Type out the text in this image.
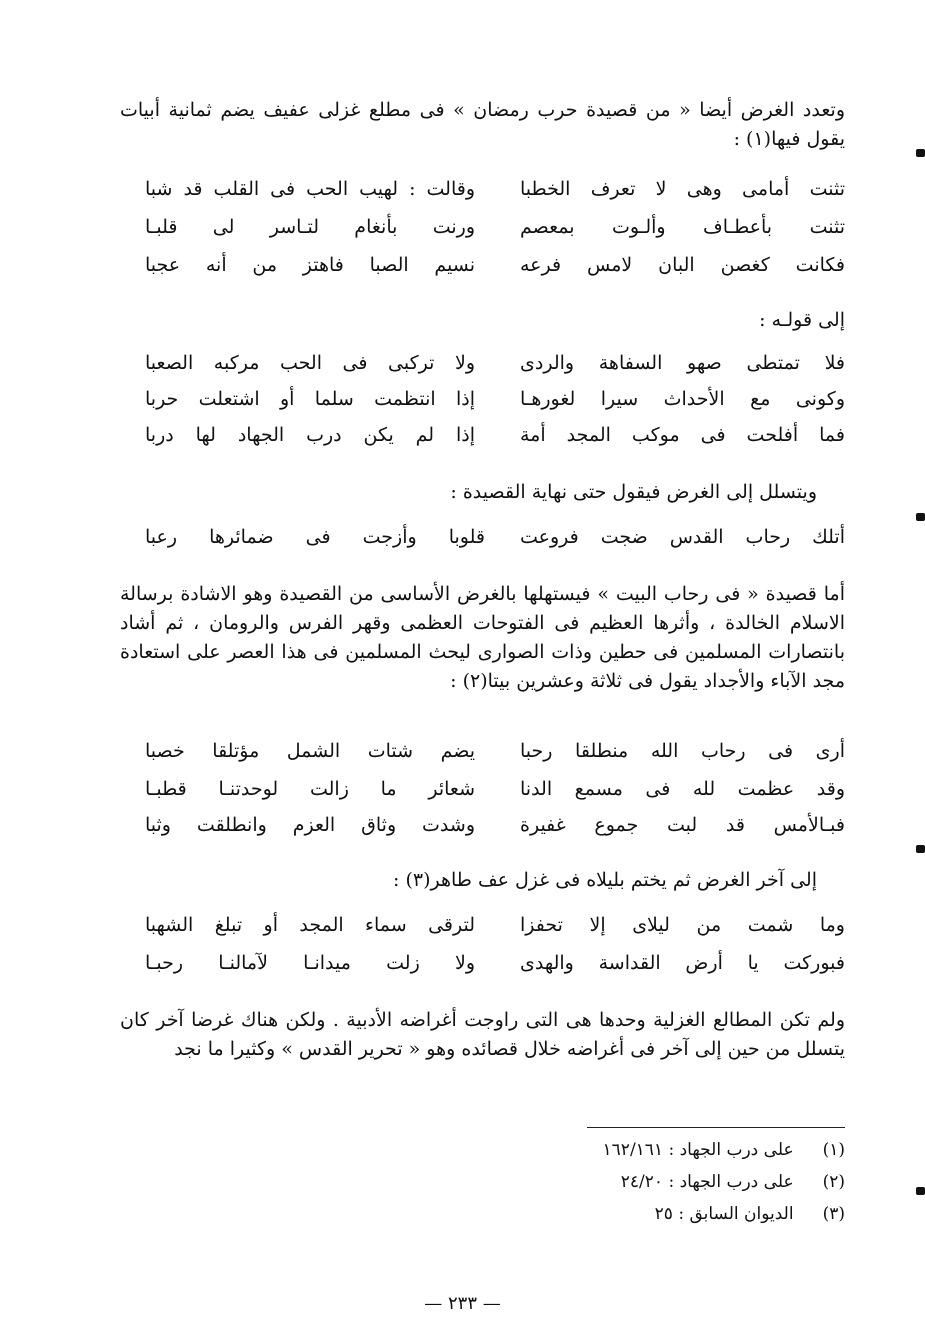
وتعدد الغرض أيضا « من قصيدة حرب رمضان » فى مطلع غزلى عفيف يضم ثمانية أبيات يقول فيها(١) :

تثنت أمامى وهى لا تعرف الخطبا
وقالت : لهيب الحب فى القلب قد شبا
تثنت بأعطـاف وألـوت بمعصم
ورنت بأنغام لتـاسر لى قلبـا
فكانت كغصن البان لامس فرعه
نسيم الصبا فاهتز من أنه عجبا
إلى قولـه :
فلا تمتطى صهو السفاهة والردى
ولا تركبى فى الحب مركبه الصعبا
وكونى مع الأحداث سيرا لغورهـا
إذا انتظمت سلما أو اشتعلت حربا
فما أفلحت فى موكب المجد أمة
إذا لم يكن درب الجهاد لها دربا
ويتسلل إلى الغرض فيقول حتى نهاية القصيدة :
أتلك رحاب القدس ضجت فروعت
قلوبا وأزجت فى ضمائرها رعبا

أما قصيدة « فى رحاب البيت » فيستهلها بالغرض الأساسى من القصيدة وهو الاشادة برسالة الاسلام الخالدة ، وأثرها العظيم فى الفتوحات العظمى وقهر الفرس والرومان ، ثم أشاد بانتصارات المسلمين فى حطين وذات الصوارى ليحث المسلمين فى هذا العصر على استعادة مجد الآباء والأجداد يقول فى ثلاثة وعشرين بيتا(٢) :

أرى فى رحاب الله منطلقا رحبا
يضم شتات الشمل مؤتلقا خصبا
وقد عظمت لله فى مسمع الدنا
شعائر ما زالت لوحدتنـا قطبـا
فبـالأمس قد لبت جموع غفيرة
وشدت وثاق العزم وانطلقت وثبا
إلى آخر الغرض ثم يختم بليلاه فى غزل عف طاهر(٣) :
وما شمت من ليلاى إلا تحفزا
لترقى سماء المجد أو تبلغ الشهبا
فبوركت يا أرض القداسة والهدى
ولا زلت ميدانـا لآمالنـا رحبـا

ولم تكن المطالع الغزلية وحدها هى التى راوجت أغراضه الأدبية . ولكن هناك غرضا آخر كان يتسلل من حين إلى آخر فى أغراضه خلال قصائده وهو « تحرير القدس » وكثيرا ما نجد

(١) على درب الجهاد : ١٦٢/١٦١
(٢) على درب الجهاد : ٢٤/٢٠
(٣) الديوان السابق : ٢٥
— ٢٣٣ —
